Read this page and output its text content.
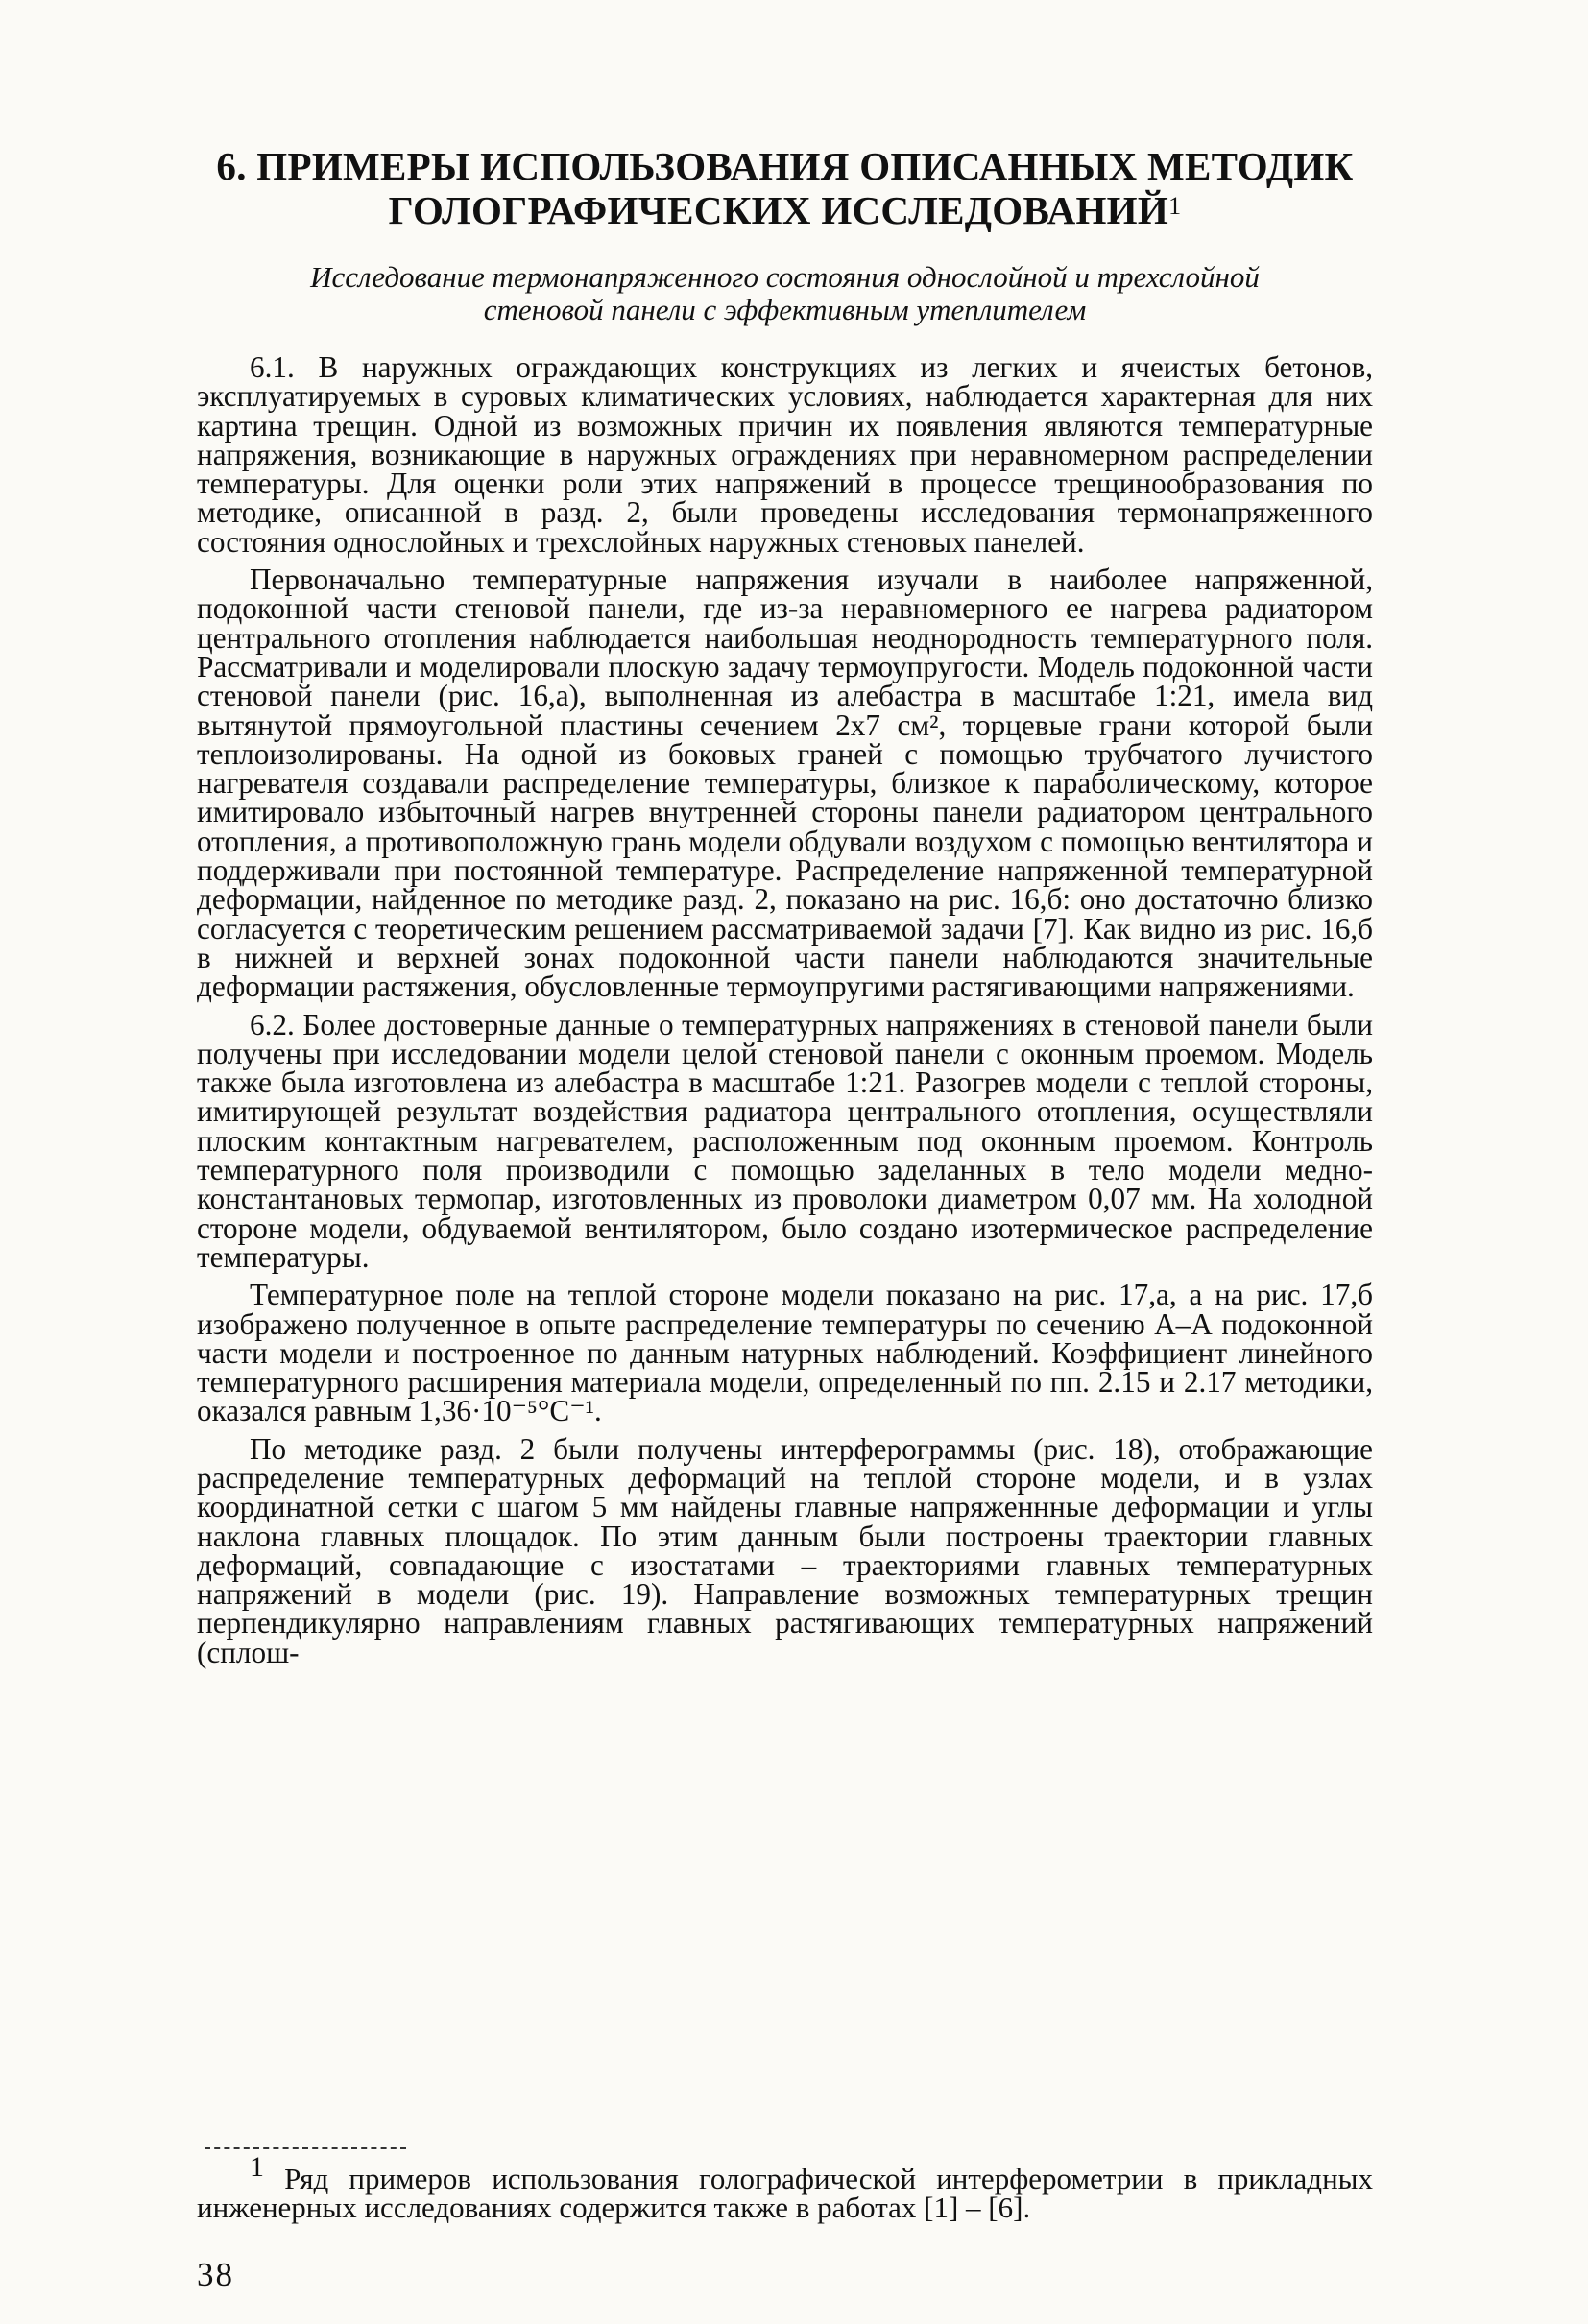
6. ПРИМЕРЫ ИСПОЛЬЗОВАНИЯ ОПИСАННЫХ МЕТОДИК
ГОЛОГРАФИЧЕСКИХ ИССЛЕДОВАНИЙ$^1$
Исследование термонапряженного состояния однослойной и трехслойной
стеновой панели с эффективным утеплителем

6.1. В наружных ограждающих конструкциях из легких и ячеистых бетонов, эксплуатируемых в суровых климатических условиях, наблюдается характерная для них картина трещин. Одной из возможных причин их появления являются температурные напряжения, возникающие в наружных ограждениях при неравномерном распределении температуры. Для оценки роли этих напряжений в процессе трещинообразования по методике, описанной в разд. 2, были проведены исследования термонапряженного состояния однослойных и трехслойных наружных стеновых панелей.

Первоначально температурные напряжения изучали в наиболее напряженной, подоконной части стеновой панели, где из-за неравномерного ее нагрева радиатором центрального отопления наблюдается наибольшая неоднородность температурного поля. Рассматривали и моделировали плоскую задачу термоупругости. Модель подоконной части стеновой панели (рис. 16,а), выполненная из алебастра в масштабе 1:21, имела вид вытянутой прямоугольной пластины сечением 2x7 см², торцевые грани которой были теплоизолированы. На одной из боковых граней с помощью трубчатого лучистого нагревателя создавали распределение температуры, близкое к параболическому, которое имитировало избыточный нагрев внутренней стороны панели радиатором центрального отопления, а противоположную грань модели обдували воздухом с помощью вентилятора и поддерживали при постоянной температуре. Распределение напряженной температурной деформации, найденное по методике разд. 2, показано на рис. 16,б: оно достаточно близко согласуется с теоретическим решением рассматриваемой задачи [7]. Как видно из рис. 16,б в нижней и верхней зонах подоконной части панели наблюдаются значительные деформации растяжения, обусловленные термоупругими растягивающими напряжениями.

6.2. Более достоверные данные о температурных напряжениях в стеновой панели были получены при исследовании модели целой стеновой панели с оконным проемом. Модель также была изготовлена из алебастра в масштабе 1:21. Разогрев модели с теплой стороны, имитирующей результат воздействия радиатора центрального отопления, осуществляли плоским контактным нагревателем, расположенным под оконным проемом. Контроль температурного поля производили с помощью заделанных в тело модели медно-константановых термопар, изготовленных из проволоки диаметром 0,07 мм. На холодной стороне модели, обдуваемой вентилятором, было создано изотермическое распределение температуры.

Температурное поле на теплой стороне модели показано на рис. 17,а, а на рис. 17,б изображено полученное в опыте распределение температуры по сечению А–А подоконной части модели и построенное по данным натурных наблюдений. Коэффициент линейного температурного расширения материала модели, определенный по пп. 2.15 и 2.17 методики, оказался равным 1,36·10⁻⁵°С⁻¹.

По методике разд. 2 были получены интерферограммы (рис. 18), отображающие распределение температурных деформаций на теплой стороне модели, и в узлах координатной сетки с шагом 5 мм найдены главные напряженнные деформации и углы наклона главных площадок. По этим данным были построены траектории главных деформаций, совпадающие с изостатами – траекториями главных температурных напряжений в модели (рис. 19). Направление возможных температурных трещин перпендикулярно направлениям главных растягивающих температурных напряжений (сплош-

$^1$ Ряд примеров использования голографической интерферометрии в прикладных инженерных исследованиях содержится также в работах [1] – [6].

38
